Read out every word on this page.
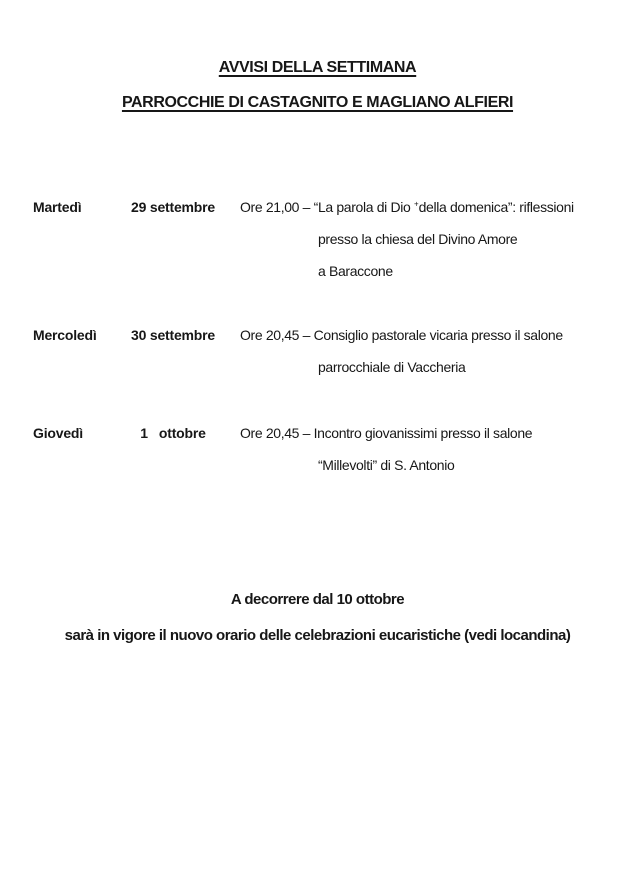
AVVISI DELLA SETTIMANA
PARROCCHIE DI CASTAGNITO E MAGLIANO ALFIERI
Martedì	29 settembre	Ore 21,00 – “La parola di Dio +della domenica”: riflessioni
presso la chiesa del Divino Amore
a Baraccone
Mercoledì	30 settembre	Ore 20,45 – Consiglio pastorale vicaria presso il salone
parrocchiale di Vaccheria
Giovedì	1   ottobre	Ore 20,45 – Incontro giovanissimi presso il salone
“Millevolti” di S. Antonio
A decorrere dal 10 ottobre
sarà in vigore il nuovo orario delle celebrazioni eucaristiche (vedi locandina)
